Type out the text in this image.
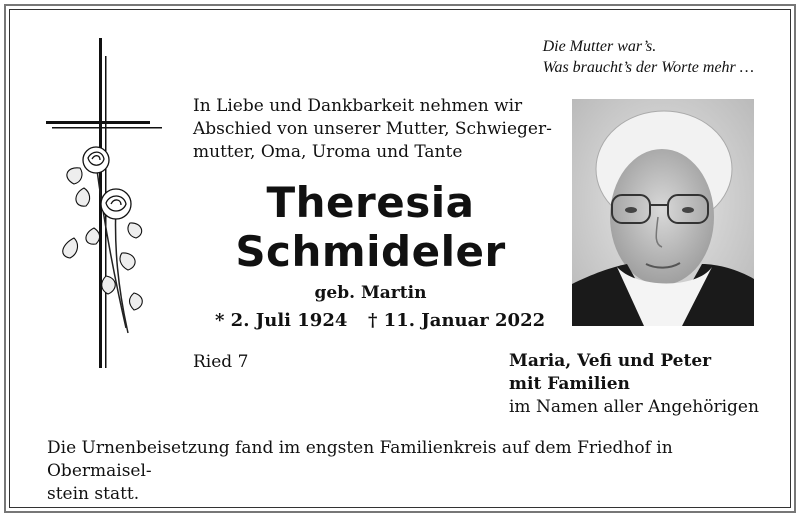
Die Mutter war’s.
Was braucht’s der Worte mehr …
In Liebe und Dankbarkeit nehmen wir
Abschied von unserer Mutter, Schwieger-
mutter, Oma, Uroma und Tante
Theresia
Schmideler
geb. Martin
* 2. Juli 1924 † 11. Januar 2022
Ried 7	Maria, Vefi und Peter
mit Familien
im Namen aller Angehörigen
Die Urnenbeisetzung fand im engsten Familienkreis auf dem Friedhof in Obermaisel-
stein statt.
